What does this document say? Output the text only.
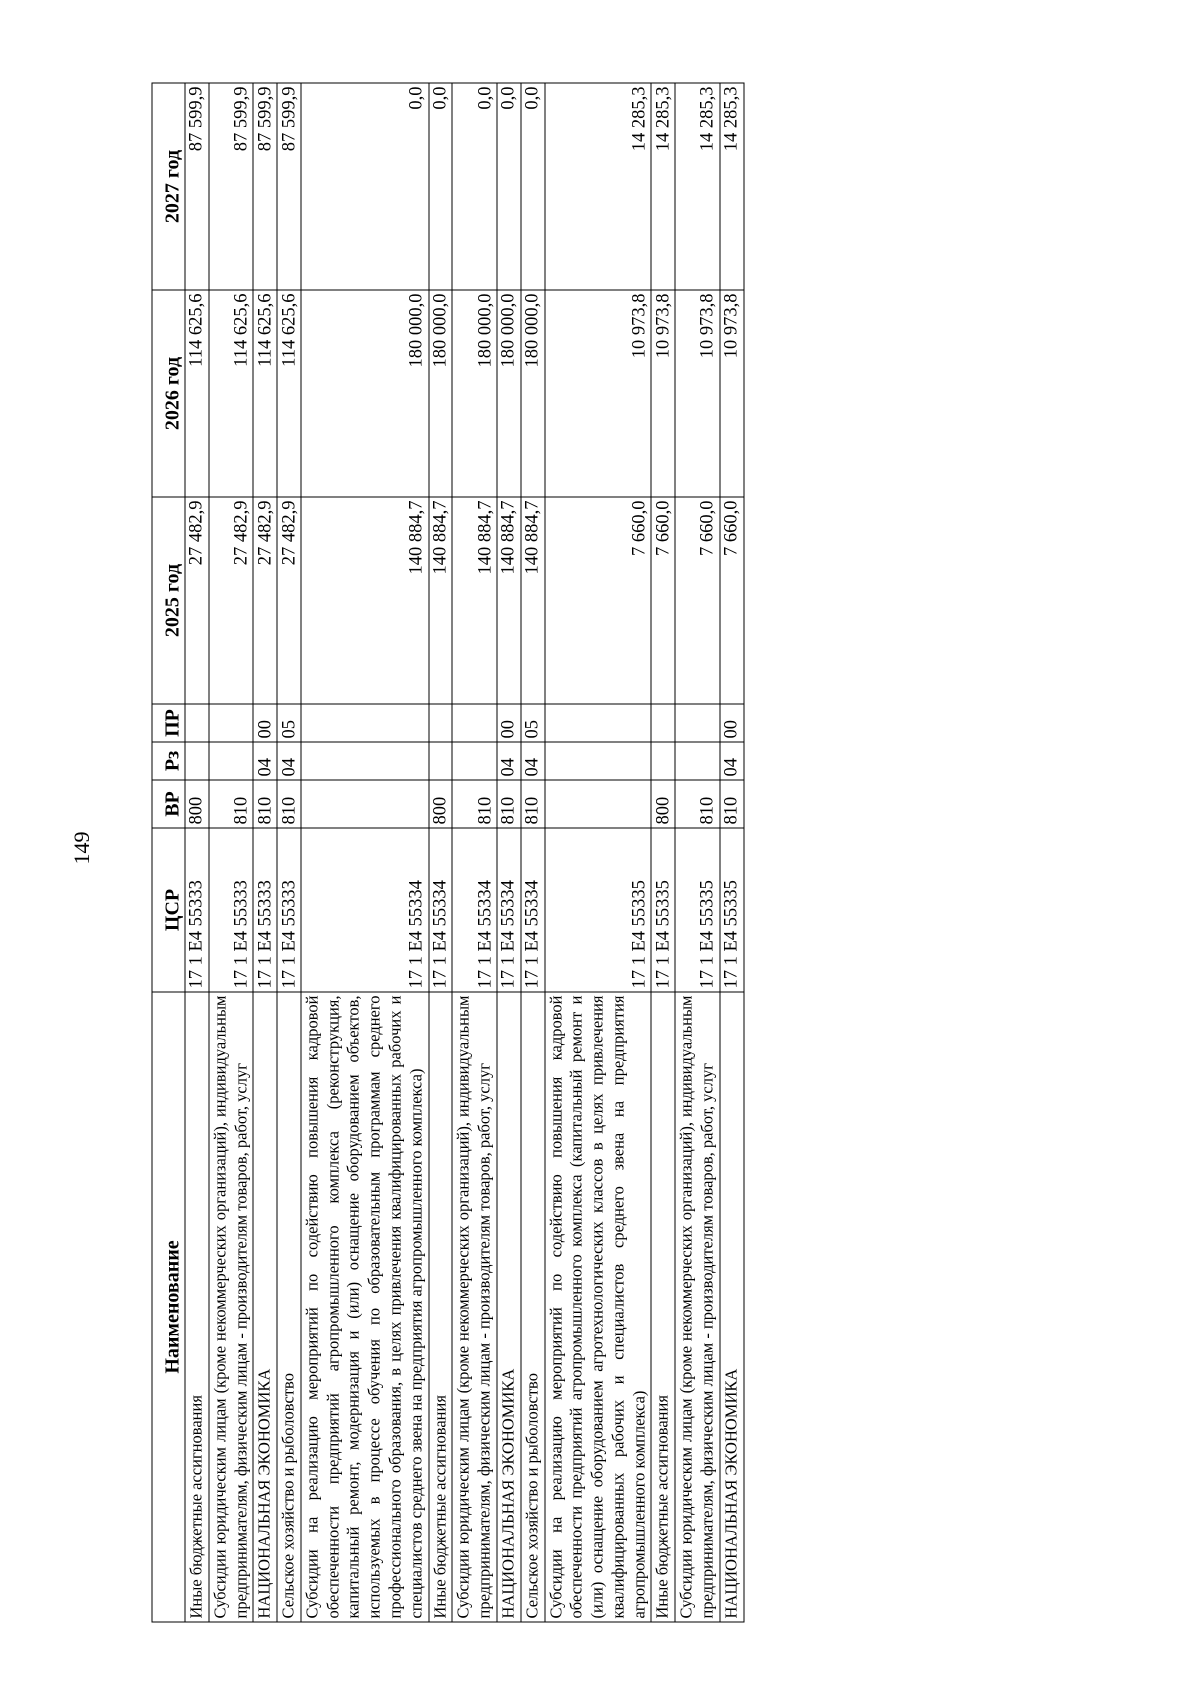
149
Наименование	ЦСР	ВР	Рз	ПР	2025 год	2026 год	2027 год
Иные бюджетные ассигнования	17 1 Е4 55333	800			27 482,9	114 625,6	87 599,9
Субсидии юридическим лицам (кроме некоммерческих организаций), индивидуальным предпринимателям, физическим лицам - производителям товаров, работ, услуг	17 1 Е4 55333	810			27 482,9	114 625,6	87 599,9
НАЦИОНАЛЬНАЯ ЭКОНОМИКА	17 1 Е4 55333	810	04	00	27 482,9	114 625,6	87 599,9
Сельское хозяйство и рыболовство	17 1 Е4 55333	810	04	05	27 482,9	114 625,6	87 599,9
Субсидии на реализацию мероприятий по содействию повышения кадровой обеспеченности предприятий агропромышленного комплекса (реконструкция, капитальный ремонт, модернизация и (или) оснащение оборудованием объектов, используемых в процессе обучения по образовательным программам среднего профессионального образования, в целях привлечения квалифицированных рабочих и специалистов среднего звена на предприятия агропромышленного комплекса)	17 1 Е4 55334				140 884,7	180 000,0	0,0
Иные бюджетные ассигнования	17 1 Е4 55334	800			140 884,7	180 000,0	0,0
Субсидии юридическим лицам (кроме некоммерческих организаций), индивидуальным предпринимателям, физическим лицам - производителям товаров, работ, услуг	17 1 Е4 55334	810			140 884,7	180 000,0	0,0
НАЦИОНАЛЬНАЯ ЭКОНОМИКА	17 1 Е4 55334	810	04	00	140 884,7	180 000,0	0,0
Сельское хозяйство и рыболовство	17 1 Е4 55334	810	04	05	140 884,7	180 000,0	0,0
Субсидии на реализацию мероприятий по содействию повышения кадровой обеспеченности предприятий агропромышленного комплекса (капитальный ремонт и (или) оснащение оборудованием агротехнологических классов в целях привлечения квалифицированных рабочих и специалистов среднего звена на предприятия агропромышленного комплекса)	17 1 Е4 55335				7 660,0	10 973,8	14 285,3
Иные бюджетные ассигнования	17 1 Е4 55335	800			7 660,0	10 973,8	14 285,3
Субсидии юридическим лицам (кроме некоммерческих организаций), индивидуальным предпринимателям, физическим лицам - производителям товаров, работ, услуг	17 1 Е4 55335	810			7 660,0	10 973,8	14 285,3
НАЦИОНАЛЬНАЯ ЭКОНОМИКА	17 1 Е4 55335	810	04	00	7 660,0	10 973,8	14 285,3
